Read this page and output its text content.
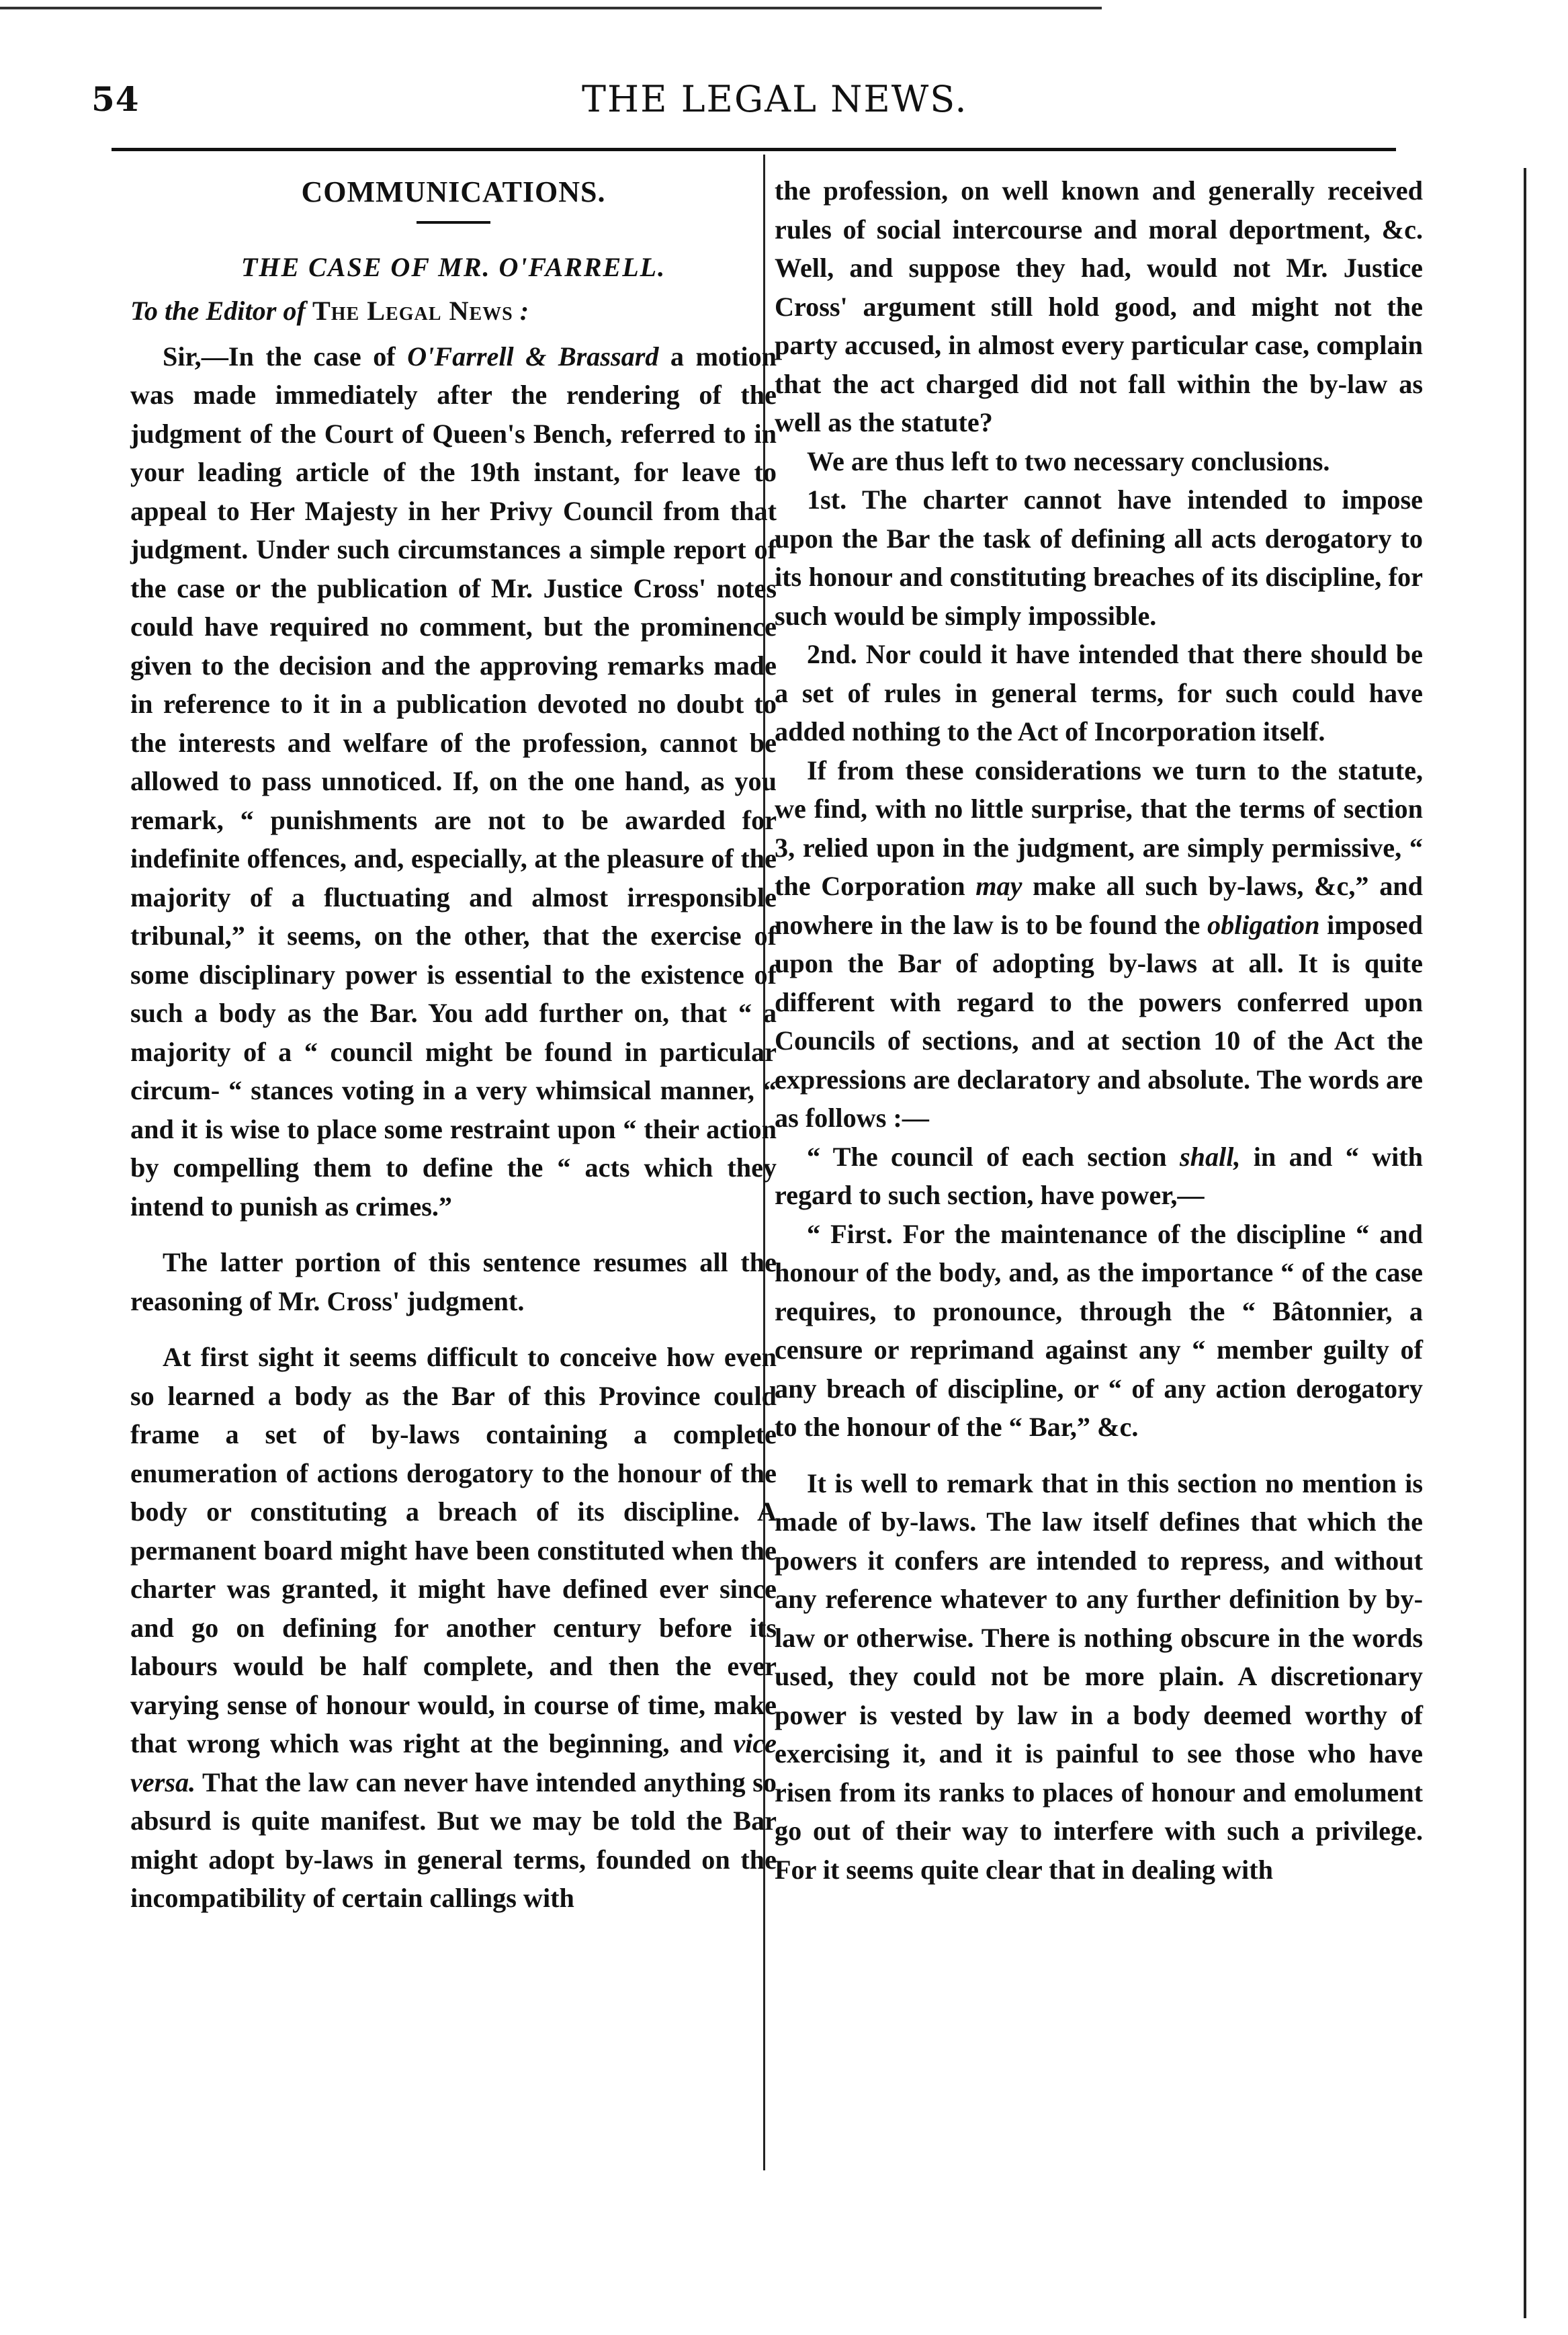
54	THE LEGAL NEWS.
COMMUNICATIONS.
THE CASE OF MR. O'FARRELL.
To the Editor of The Legal News :

Sir,—In the case of O'Farrell & Brassard a motion was made immediately after the rendering of the judgment of the Court of Queen's Bench, referred to in your leading article of the 19th instant, for leave to appeal to Her Majesty in her Privy Council from that judgment. Under such circumstances a simple report of the case or the publication of Mr. Justice Cross' notes could have required no comment, but the prominence given to the decision and the approving remarks made in reference to it in a publication devoted no doubt to the interests and welfare of the profession, cannot be allowed to pass unnoticed. If, on the one hand, as you remark, “ punishments are not to be awarded for indefinite offences, and, especially, at the pleasure of the majority of a fluctuating and almost irresponsible tribunal,” it seems, on the other, that the exercise of some disciplinary power is essential to the existence of such a body as the Bar. You add further on, that “ a majority of a “ council might be found in particular circum- “ stances voting in a very whimsical manner, “ and it is wise to place some restraint upon “ their action by compelling them to define the “ acts which they intend to punish as crimes.”

The latter portion of this sentence resumes all the reasoning of Mr. Cross' judgment.

At first sight it seems difficult to conceive how even so learned a body as the Bar of this Province could frame a set of by-laws containing a complete enumeration of actions derogatory to the honour of the body or constituting a breach of its discipline. A permanent board might have been constituted when the charter was granted, it might have defined ever since and go on defining for another century before its labours would be half complete, and then the ever varying sense of honour would, in course of time, make that wrong which was right at the beginning, and vice versa. That the law can never have intended anything so absurd is quite manifest. But we may be told the Bar might adopt by-laws in general terms, founded on the incompatibility of certain callings with

the profession, on well known and generally received rules of social intercourse and moral deportment, &c. Well, and suppose they had, would not Mr. Justice Cross' argument still hold good, and might not the party accused, in almost every particular case, complain that the act charged did not fall within the by-law as well as the statute?

We are thus left to two necessary conclusions.

1st. The charter cannot have intended to impose upon the Bar the task of defining all acts derogatory to its honour and constituting breaches of its discipline, for such would be simply impossible.

2nd. Nor could it have intended that there should be a set of rules in general terms, for such could have added nothing to the Act of Incorporation itself.

If from these considerations we turn to the statute, we find, with no little surprise, that the terms of section 3, relied upon in the judgment, are simply permissive, “ the Corporation may make all such by-laws, &c,” and nowhere in the law is to be found the obligation imposed upon the Bar of adopting by-laws at all. It is quite different with regard to the powers conferred upon Councils of sections, and at section 10 of the Act the expressions are declaratory and absolute. The words are as follows :—

“ The council of each section shall, in and “ with regard to such section, have power,—

“ First. For the maintenance of the discipline “ and honour of the body, and, as the importance “ of the case requires, to pronounce, through the “ Bâtonnier, a censure or reprimand against any “ member guilty of any breach of discipline, or “ of any action derogatory to the honour of the “ Bar,” &c.

It is well to remark that in this section no mention is made of by-laws. The law itself defines that which the powers it confers are intended to repress, and without any reference whatever to any further definition by by-law or otherwise. There is nothing obscure in the words used, they could not be more plain. A discretionary power is vested by law in a body deemed worthy of exercising it, and it is painful to see those who have risen from its ranks to places of honour and emolument go out of their way to interfere with such a privilege. For it seems quite clear that in dealing with
